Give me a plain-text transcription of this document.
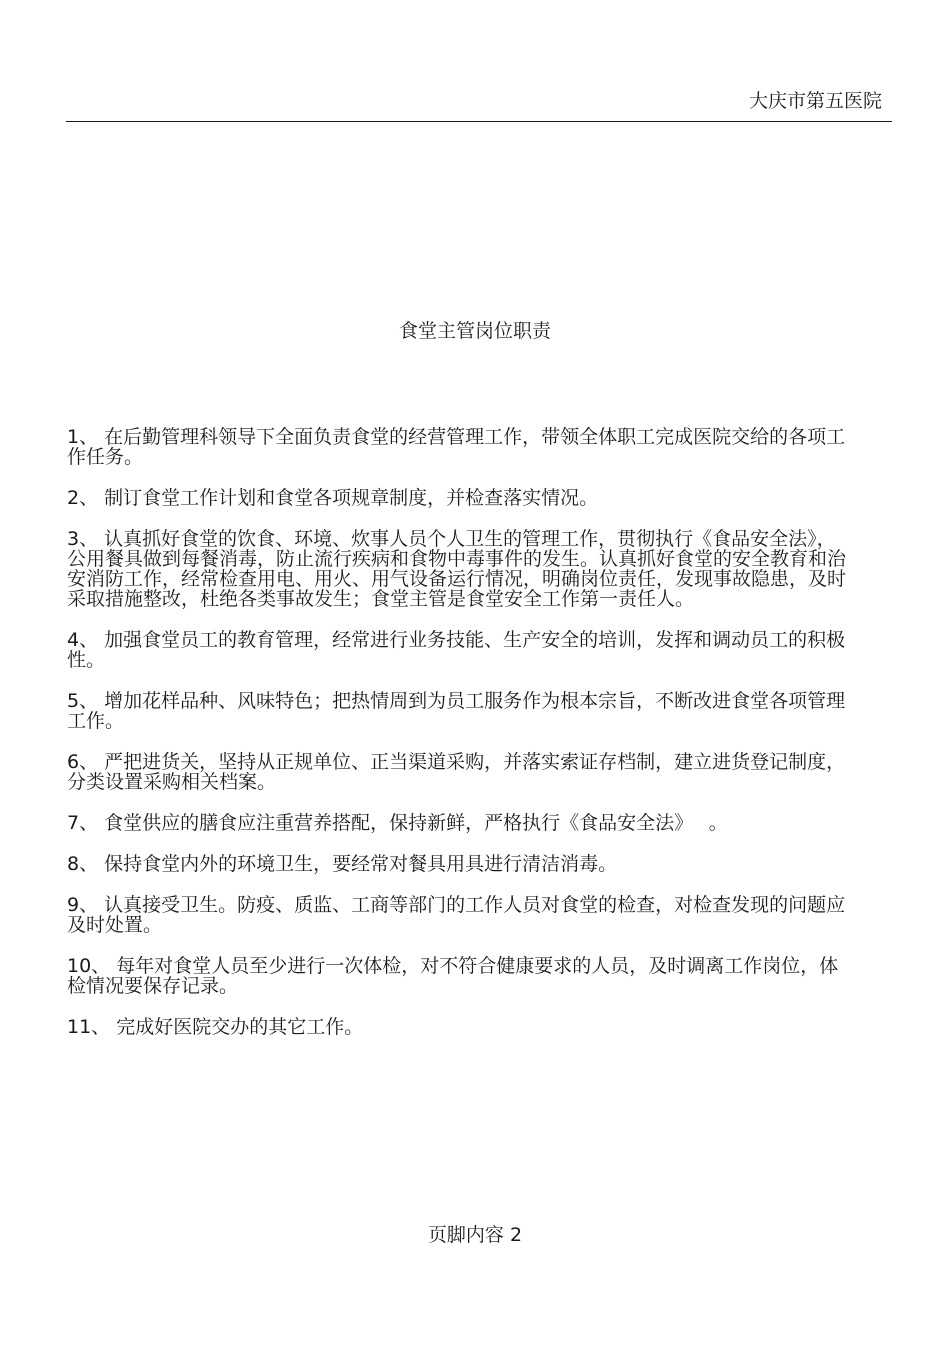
大庆市第五医院
食堂主管岗位职责
1、 在后勤管理科领导下全面负责食堂的经营管理工作，带领全体职工完成医院交给的各项工作任务。
2、 制订食堂工作计划和食堂各项规章制度，并检查落实情况。
3、 认真抓好食堂的饮食、环境、炊事人员个人卫生的管理工作，贯彻执行《食品安全法》，公用餐具做到每餐消毒，防止流行疾病和食物中毒事件的发生。认真抓好食堂的安全教育和治安消防工作，经常检查用电、用火、用气设备运行情况，明确岗位责任，发现事故隐患，及时采取措施整改，杜绝各类事故发生；食堂主管是食堂安全工作第一责任人。
4、 加强食堂员工的教育管理，经常进行业务技能、生产安全的培训，发挥和调动员工的积极性。
5、 增加花样品种、风味特色；把热情周到为员工服务作为根本宗旨，不断改进食堂各项管理工作。
6、 严把进货关，坚持从正规单位、正当渠道采购，并落实索证存档制，建立进货登记制度，分类设置采购相关档案。
7、 食堂供应的膳食应注重营养搭配，保持新鲜，严格执行《食品安全法》　 。
8、 保持食堂内外的环境卫生，要经常对餐具用具进行清洁消毒。
9、 认真接受卫生。防疫、质监、工商等部门的工作人员对食堂的检查，对检查发现的问题应及时处置。
10、 每年对食堂人员至少进行一次体检，对不符合健康要求的人员，及时调离工作岗位，体检情况要保存记录。
11、 完成好医院交办的其它工作。
页脚内容 2
